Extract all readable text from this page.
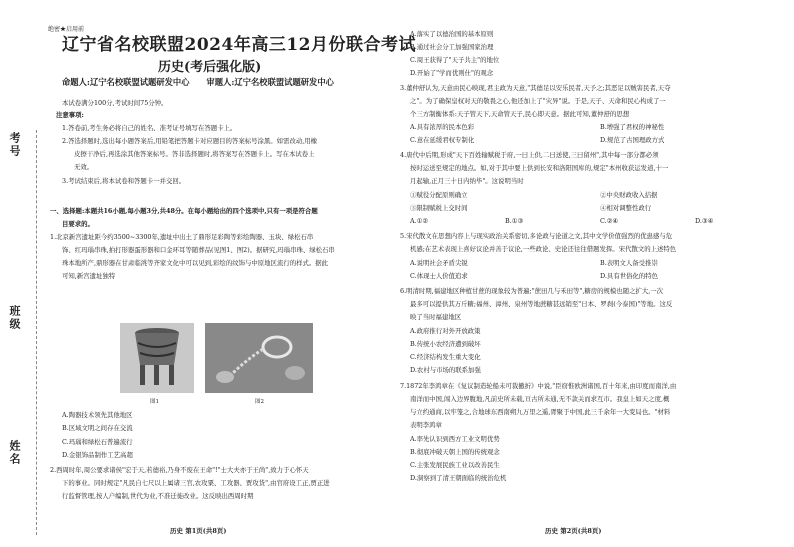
考号
班级
姓名
绝密★启用前
辽宁省名校联盟2024年高三12月份联合考试
历史(考后强化版)
命题人:辽宁名校联盟试题研发中心 审题人:辽宁名校联盟试题研发中心
本试卷满分100分,考试时间75分钟。
注意事项:
1.答卷前,考生务必将自己的姓名、准考证号填写在答题卡上。
2.答选择题时,选出每小题答案后,用铅笔把答题卡对应题目的答案标号涂黑。如需改动,用橡
皮擦干净后,再选涂其他答案标号。答非选择题时,将答案写在答题卡上。写在本试卷上
无效。
3.考试结束后,将本试卷和答题卡一并交回。
一、选择题:本题共16小题,每小题3分,共48分。在每小题给出的四个选项中,只有一项是符合题
目要求的。
1.北京新宫遗址距今约3500~3300年,遗址中出土了鼎形足彩陶等彩绘陶器、玉块、绿松石串
饰、红玛瑙串珠,拍打形器蛋形器和口金环耳等随葬品(见图1、图2)。据研究,玛瑙串珠、绿松石串
珠本地所产,鼎形器在甘肃临洮等齐家文化中可以见到,彩绘的纹饰与中原地区流行的样式。据此
可知,新宫遗址独特
图1	图2
A.陶器技术领先其他地区
B.区域文明之间存在交流
C.玛瑙和绿松石普遍流行
D.金银饰品制作工艺高超
2.西周时年,周公要求诸侯"宏于天,若德裕,乃身不废在王命"!"士大夫亦于王尚",致力于心怀天
下的事业。同时规定"凡民自七尺以上属诸三官,农攻粟、工攻器、贾攻货",由官府设工正,贾正进
行监督管理,按人户编制,世代为业,不准迁徙改业。这反映出西周时期
历史 第1页(共8页)
A.落实了以德治国的基本原则
B.通过社会分工加强国家治理
C.周王获得了"天子共主"的地位
D.开始了"学而优则仕"的观念
3.董仲舒认为,天意由民心映现,君主政为天意,"其德足以安乐民者,天予之;其恶足以贼害民者,天夺
之"。为了确保皇权对天的敬畏之心,他还加上了"灾异"说。于是,天子、天命和民心构成了一
个三方制衡体系:天子管天下,天命管天子,民心即天意。据此可知,董仲舒的思想
A.具有浓厚的民本色彩	B.增强了君权的神秘性
C.意在延缓君权专制化	D.规范了古国理政方式
4.唐代中后期,形成"天下百姓输赋税于府,一曰上供,二曰送使,三曰留州",其中每一部分都必须
按时运送至规定的地点。如,对于其中要上供到长安和洛阳国库的,规定"本州收获运发道,十一
月起输,正月三十日内纳毕"。这说明当时
①赋役分配原则确立	②中央财政收入拮据
③限制赋税上交时间	④相对调整性政行
A.①②	B.①③	C.②④	D.③④
5.宋代散文在思想内容上与现实政治关系密切,多论政与论道之文,其中文学价值强烈的优患感与危
机感;在艺术表现上喜好议论并善于议论,一些政论、史论还往往借题发挥。宋代散文的上述特色
A.说明社会矛盾尖锐	B.表明文人备受推崇
C.体现士人价值追求	D.具有世俗化的特色
6.明清时期,福建地区种植甘蔗的现象较为普遍;"蔗田几与禾田等",糖房的规模也随之扩大,一次
最多可以提供其万斤糖;福州、漳州、泉州等地蔗糖甚远销至"日本、罗刹(今泰国)"等地。这反
映了当时福建地区
A.政府推行对外开放政策
B.传统小农经济遭到破坏
C.经济结构发生重大变化
D.农村与市场的联系加强
7.1872年李鸿章在《复议制造轮船未可裁撤折》中说,"臣窃惟欧洲诸国,百十年来,由印度而南洋,由
南洋而中国,闯入边界腹地,凡前史所未载,亘古所未通,无不款关而求互市。我皇上如天之度,概
与立约通商,以牢笼之,合地球东西南朔九万里之遥,胥聚于中国,此三千余年一大变局也。"材料
表明李鸿章
A.率先认识到西方工业文明优势
B.彻底冲破天朝上国的传统观念
C.主张发展民族工业以改善民生
D.洞察到了清王朝面临的统治危机
历史 第2页(共8页)
